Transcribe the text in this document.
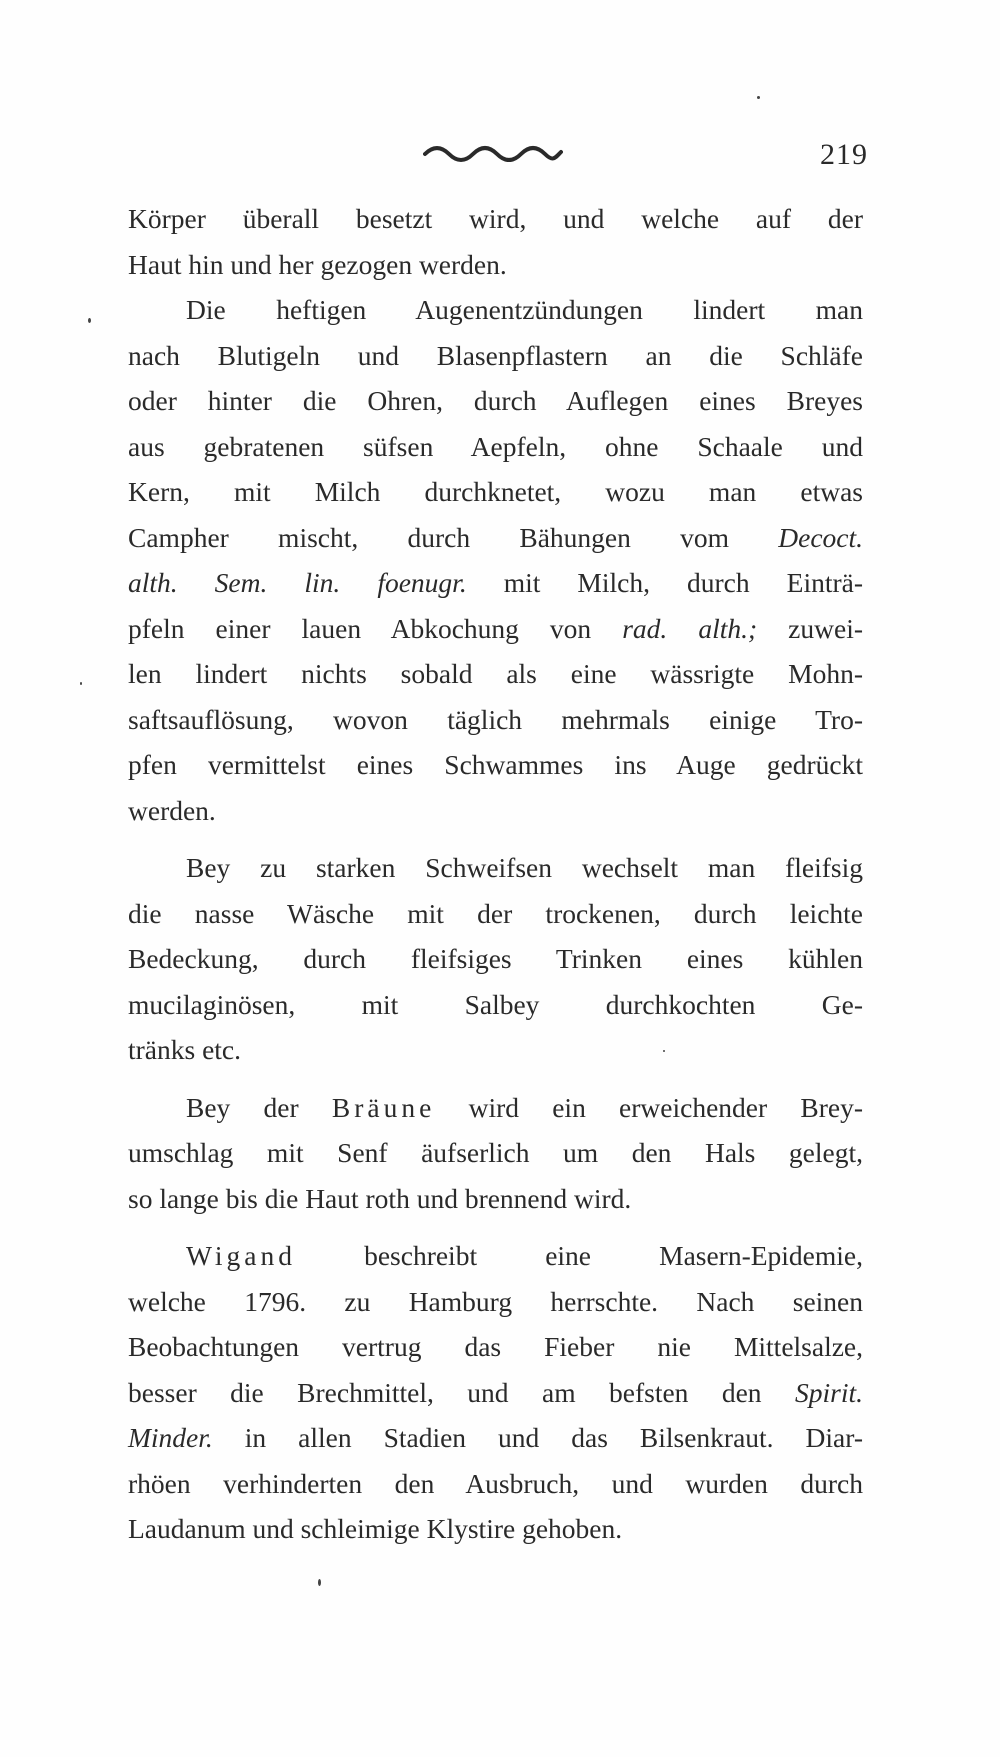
219

Körper überall besetzt wird, und welche auf der
Haut hin und her gezogen werden.

Die heftigen Augenentzündungen lindert man
nach Blutigeln und Blasenpflastern an die Schläfe
oder hinter die Ohren, durch Auflegen eines Breyes
aus gebratenen süfsen Aepfeln, ohne Schaale und
Kern, mit Milch durchknetet, wozu man etwas
Campher mischt, durch Bähungen vom Decoct.
alth. Sem. lin. foenugr. mit Milch, durch Einträ-
pfeln einer lauen Abkochung von rad. alth.; zuwei-
len lindert nichts sobald als eine wässrigte Mohn-
saftsauflösung, wovon täglich mehrmals einige Tro-
pfen vermittelst eines Schwammes ins Auge gedrückt
werden.

Bey zu starken Schweifsen wechselt man fleifsig
die nasse Wäsche mit der trockenen, durch leichte
Bedeckung, durch fleifsiges Trinken eines kühlen
mucilaginösen, mit Salbey durchkochten Ge-
tränks etc.

Bey der Bräune wird ein erweichender Brey-
umschlag mit Senf äufserlich um den Hals gelegt,
so lange bis die Haut roth und brennend wird.

Wigand beschreibt eine Masern-Epidemie,
welche 1796. zu Hamburg herrschte. Nach seinen
Beobachtungen vertrug das Fieber nie Mittelsalze,
besser die Brechmittel, und am befsten den Spirit.
Minder. in allen Stadien und das Bilsenkraut. Diar-
rhöen verhinderten den Ausbruch, und wurden durch
Laudanum und schleimige Klystire gehoben.
